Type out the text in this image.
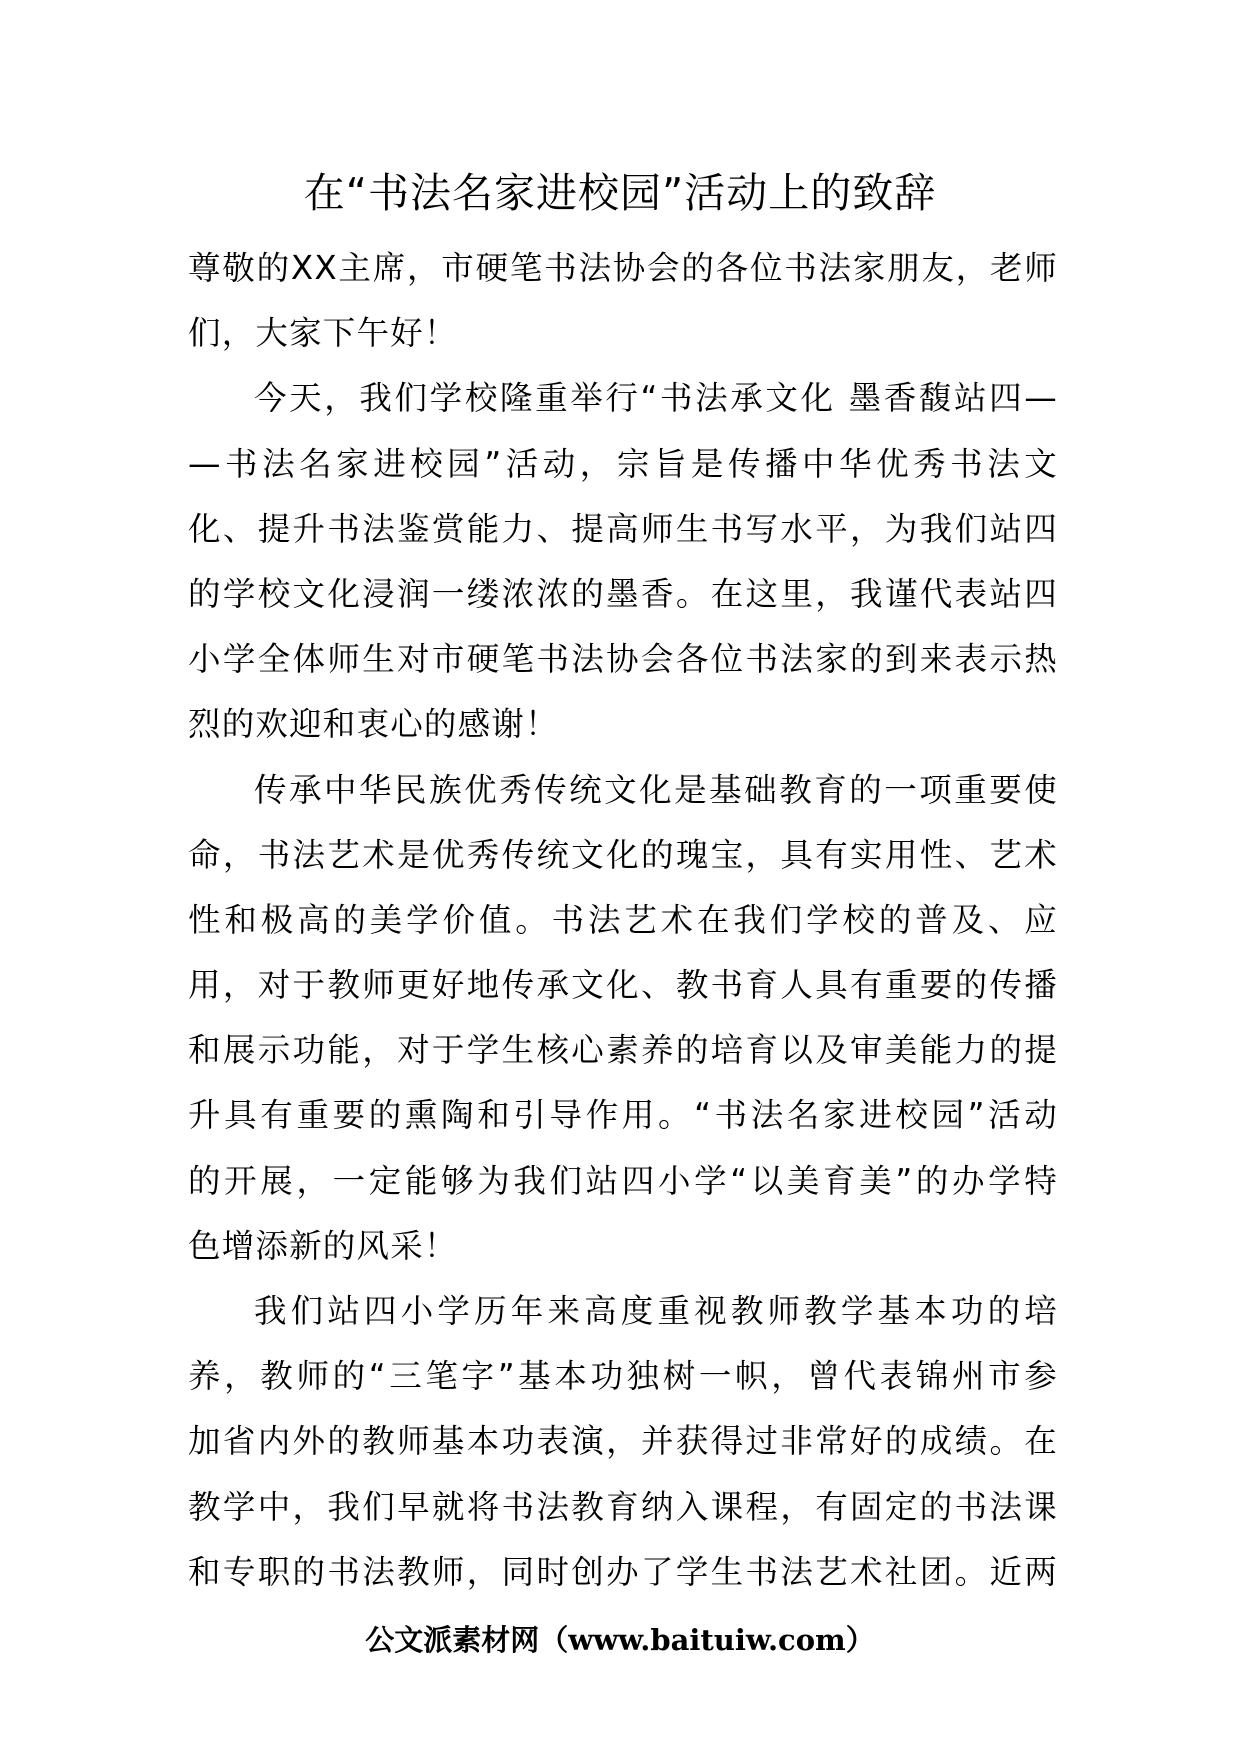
在“书法名家进校园”活动上的致辞
尊敬的XX主席，市硬笔书法协会的各位书法家朋友，老师
们，大家下午好！
今天，我们学校隆重举行“书法承文化 墨香馥站四—
—书法名家进校园”活动，宗旨是传播中华优秀书法文
化、提升书法鉴赏能力、提高师生书写水平，为我们站四
的学校文化浸润一缕浓浓的墨香。在这里，我谨代表站四
小学全体师生对市硬笔书法协会各位书法家的到来表示热
烈的欢迎和衷心的感谢！
传承中华民族优秀传统文化是基础教育的一项重要使
命，书法艺术是优秀传统文化的瑰宝，具有实用性、艺术
性和极高的美学价值。书法艺术在我们学校的普及、应
用，对于教师更好地传承文化、教书育人具有重要的传播
和展示功能，对于学生核心素养的培育以及审美能力的提
升具有重要的熏陶和引导作用。“书法名家进校园”活动
的开展，一定能够为我们站四小学“以美育美”的办学特
色增添新的风采！
我们站四小学历年来高度重视教师教学基本功的培
养，教师的“三笔字”基本功独树一帜，曾代表锦州市参
加省内外的教师基本功表演，并获得过非常好的成绩。在
教学中，我们早就将书法教育纳入课程，有固定的书法课
和专职的书法教师，同时创办了学生书法艺术社团。近两
公文派素材网（www.baituiw.com）
